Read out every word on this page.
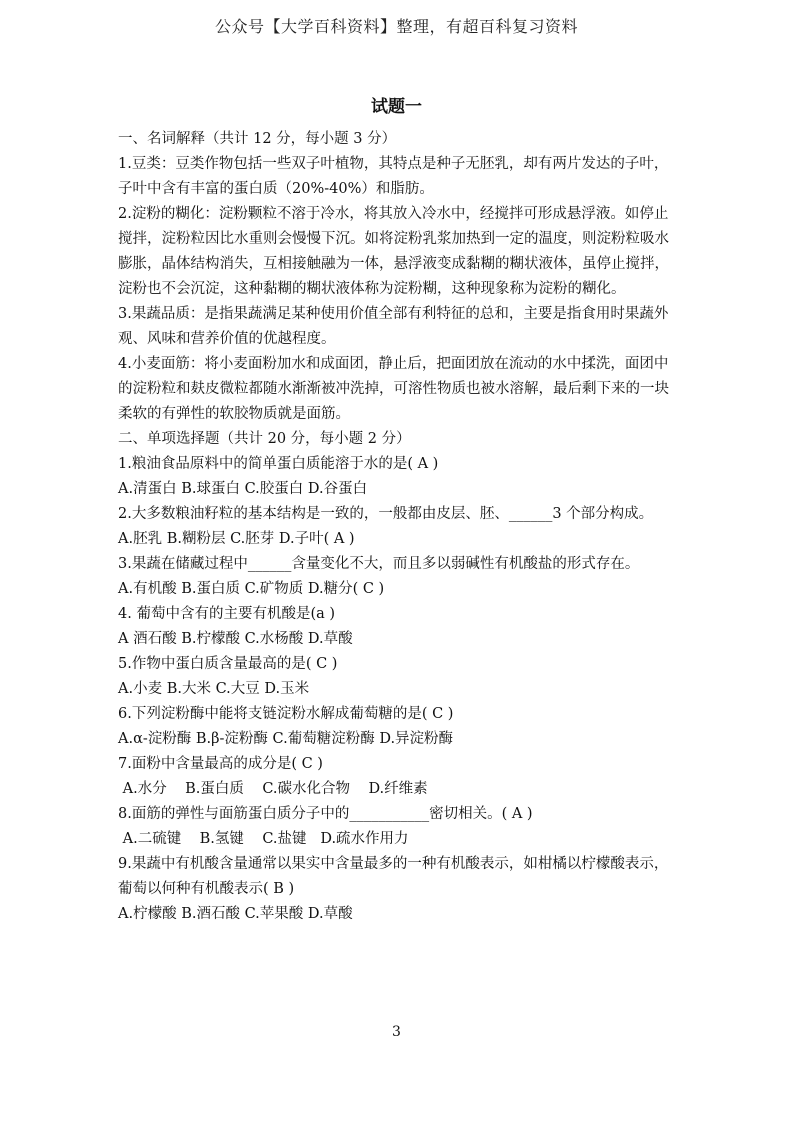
公众号【大学百科资料】整理，有超百科复习资料
试题一

一、名词解释（共计 12 分，每小题 3 分）

1.豆类：豆类作物包括一些双子叶植物，其特点是种子无胚乳，却有两片发达的子叶，子叶中含有丰富的蛋白质（20%-40%）和脂肪。

2.淀粉的糊化：淀粉颗粒不溶于冷水，将其放入冷水中，经搅拌可形成悬浮液。如停止搅拌，淀粉粒因比水重则会慢慢下沉。如将淀粉乳浆加热到一定的温度，则淀粉粒吸水膨胀，晶体结构消失，互相接触融为一体，悬浮液变成黏糊的糊状液体，虽停止搅拌，淀粉也不会沉淀，这种黏糊的糊状液体称为淀粉糊，这种现象称为淀粉的糊化。

3.果蔬品质：是指果蔬满足某种使用价值全部有利特征的总和，主要是指食用时果蔬外观、风味和营养价值的优越程度。

4.小麦面筋：将小麦面粉加水和成面团，静止后，把面团放在流动的水中揉洗，面团中的淀粉粒和麸皮微粒都随水渐渐被冲洗掉，可溶性物质也被水溶解，最后剩下来的一块柔软的有弹性的软胶物质就是面筋。

二、单项选择题（共计 20 分，每小题 2 分）

1.粮油食品原料中的简单蛋白质能溶于水的是( A )

A.清蛋白 B.球蛋白 C.胶蛋白 D.谷蛋白

2.大多数粮油籽粒的基本结构是一致的，一般都由皮层、胚、______3 个部分构成。

A.胚乳 B.糊粉层 C.胚芽 D.子叶( A )

3.果蔬在储藏过程中______含量变化不大，而且多以弱碱性有机酸盐的形式存在。

A.有机酸 B.蛋白质 C.矿物质 D.糖分( C )

4. 葡萄中含有的主要有机酸是(a )

A 酒石酸 B.柠檬酸 C.水杨酸 D.草酸

5.作物中蛋白质含量最高的是( C )

A.小麦 B.大米 C.大豆 D.玉米

6.下列淀粉酶中能将支链淀粉水解成葡萄糖的是( C )

A.α-淀粉酶 B.β-淀粉酶 C.葡萄糖淀粉酶 D.异淀粉酶

7.面粉中含量最高的成分是( C )

A.水分    B.蛋白质    C.碳水化合物    D.纤维素

8.面筋的弹性与面筋蛋白质分子中的___________密切相关。( A )

A.二硫键    B.氢键    C.盐键   D.疏水作用力

9.果蔬中有机酸含量通常以果实中含量最多的一种有机酸表示，如柑橘以柠檬酸表示，葡萄以何种有机酸表示( B )

A.柠檬酸 B.酒石酸 C.苹果酸 D.草酸

3
